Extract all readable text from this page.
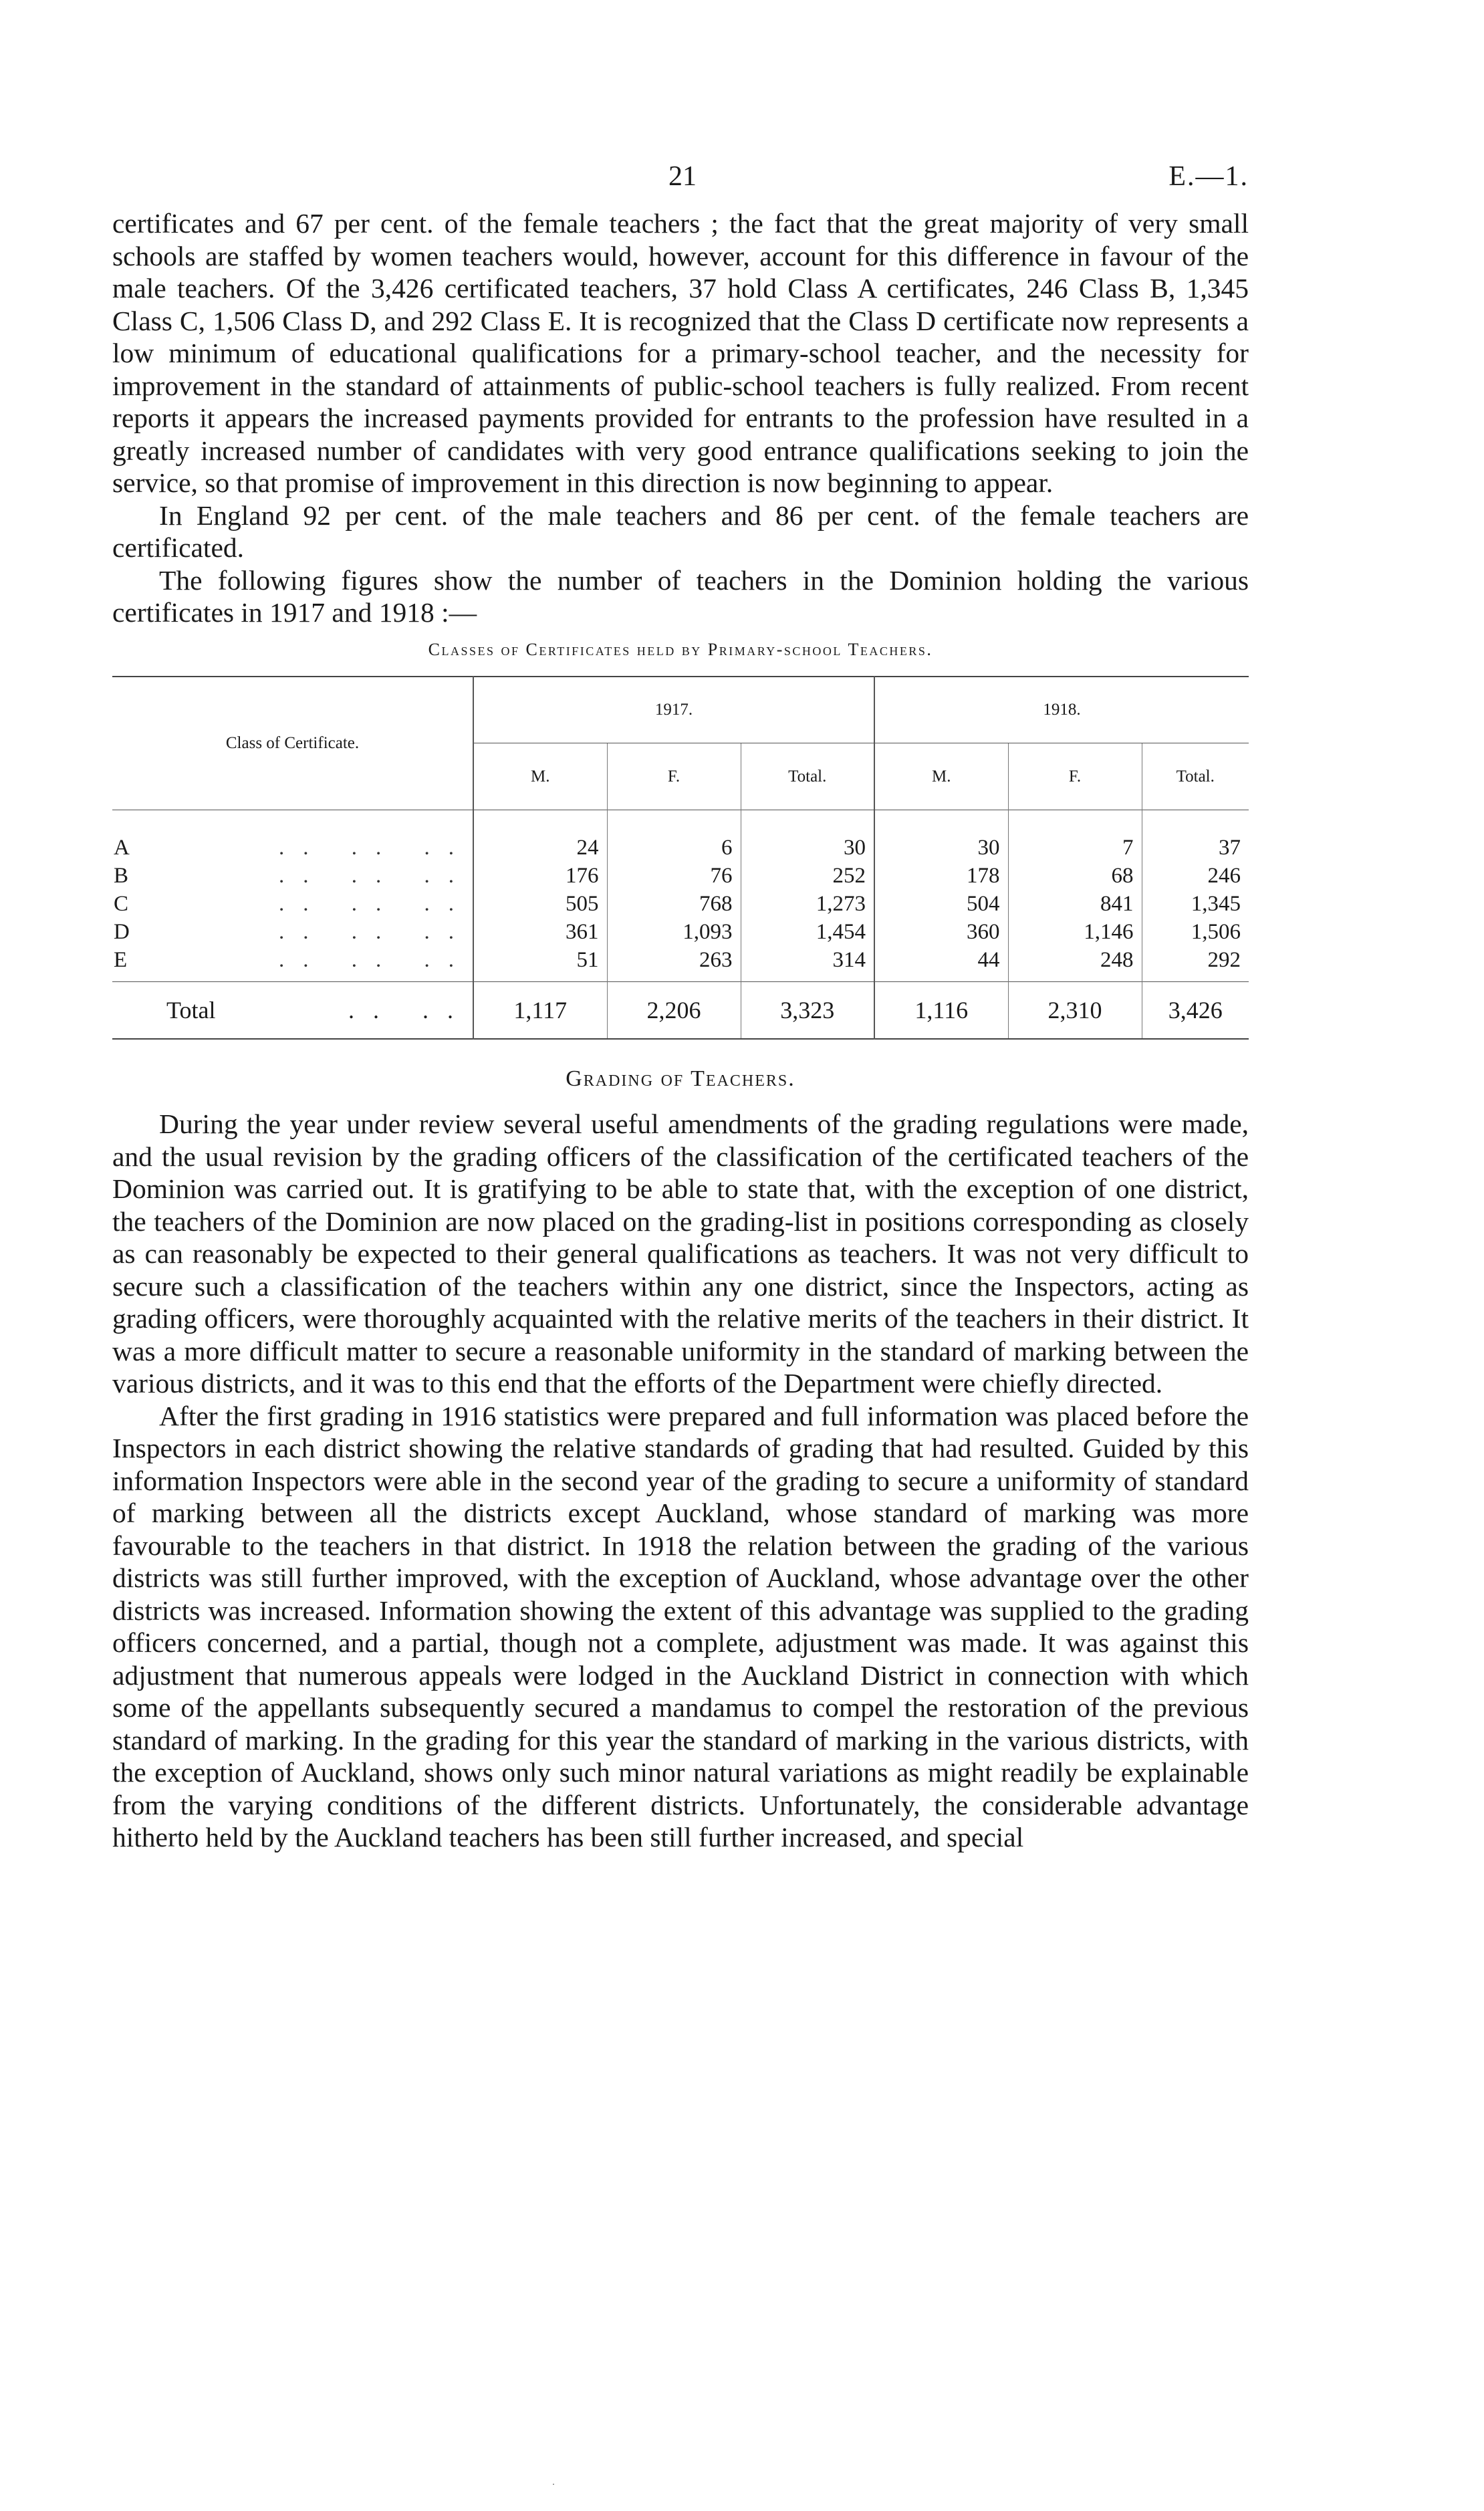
21	E.—1.

certificates and 67 per cent. of the female teachers ; the fact that the great majority of very small schools are staffed by women teachers would, however, account for this difference in favour of the male teachers. Of the 3,426 certificated teachers, 37 hold Class A certificates, 246 Class B, 1,345 Class C, 1,506 Class D, and 292 Class E. It is recognized that the Class D certificate now represents a low minimum of educational qualifications for a primary-school teacher, and the necessity for improvement in the standard of attainments of public-school teachers is fully realized. From recent reports it appears the increased payments provided for entrants to the profession have resulted in a greatly increased number of candidates with very good entrance qualifications seeking to join the service, so that promise of improvement in this direction is now beginning to appear.

In England 92 per cent. of the male teachers and 86 per cent. of the female teachers are certificated.

The following figures show the number of teachers in the Dominion holding the various certificates in 1917 and 1918 :—

Classes of Certificates held by Primary-school Teachers.
Class of Certificate.		1917.			1918.		
		M.	F.	Total.	M.	F.	Total.
A	.. .. ..	24	6	30	30	7	37
B	.. .. ..	176	76	252	178	68	246
C	.. .. ..	505	768	1,273	504	841	1,345
D	.. .. ..	361	1,093	1,454	360	1,146	1,506
E	.. .. ..	51	263	314	44	248	292
	Total .. ..	1,117	2,206	3,323	1,116	2,310	3,426
Grading of Teachers.

During the year under review several useful amendments of the grading regulations were made, and the usual revision by the grading officers of the classification of the certificated teachers of the Dominion was carried out. It is gratifying to be able to state that, with the exception of one district, the teachers of the Dominion are now placed on the grading-list in positions corresponding as closely as can reasonably be expected to their general qualifications as teachers. It was not very difficult to secure such a classification of the teachers within any one district, since the Inspectors, acting as grading officers, were thoroughly acquainted with the relative merits of the teachers in their district. It was a more difficult matter to secure a reasonable uniformity in the standard of marking between the various districts, and it was to this end that the efforts of the Department were chiefly directed.

After the first grading in 1916 statistics were prepared and full information was placed before the Inspectors in each district showing the relative standards of grading that had resulted. Guided by this information Inspectors were able in the second year of the grading to secure a uniformity of standard of marking between all the districts except Auckland, whose standard of marking was more favourable to the teachers in that district. In 1918 the relation between the grading of the various districts was still further improved, with the exception of Auckland, whose advantage over the other districts was increased. Information showing the extent of this advantage was supplied to the grading officers concerned, and a partial, though not a complete, adjustment was made. It was against this adjustment that numerous appeals were lodged in the Auckland District in connection with which some of the appellants subsequently secured a mandamus to compel the restoration of the previous standard of marking. In the grading for this year the standard of marking in the various districts, with the exception of Auckland, shows only such minor natural variations as might readily be explainable from the varying conditions of the different districts. Unfortunately, the considerable advantage hitherto held by the Auckland teachers has been still further increased, and special

.
